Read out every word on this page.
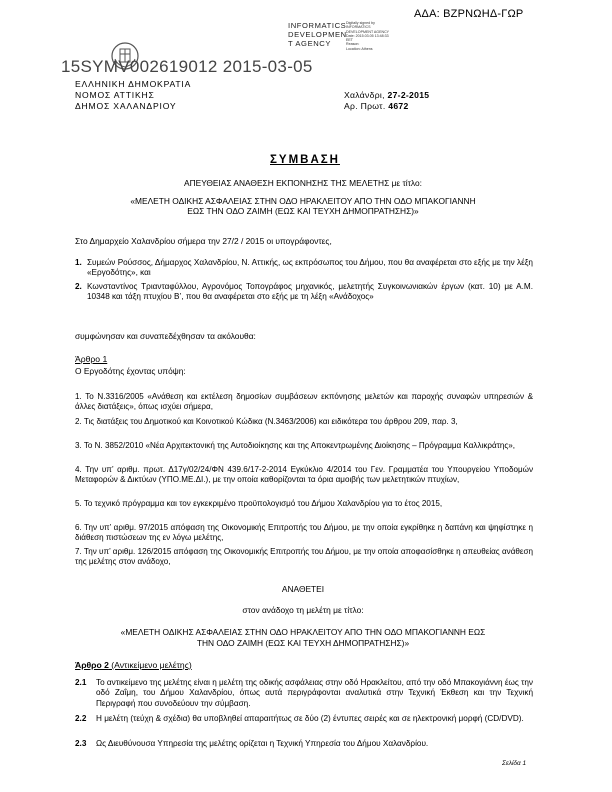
ΑΔΑ: ΒΖΡΝΩΗΔ-ΓΩΡ
INFORMATICS
DEVELOPMEN
T AGENCY
Digitally signed by
INFORMATICS
DEVELOPMENT AGENCY
Date: 2015.03.05 13:48:33
EET
Reason:
Location: Athens
15SYMV002619012 2015-03-05
ΕΛΛΗΝΙΚΗ ΔΗΜΟΚΡΑΤΙΑ
ΝΟΜΟΣ ΑΤΤΙΚΗΣ
ΔΗΜΟΣ ΧΑΛΑΝΔΡΙΟΥ
Χαλάνδρι, 27-2-2015
Αρ. Πρωτ. 4672
ΣΥΜΒΑΣΗ
ΑΠΕΥΘΕΙΑΣ ΑΝΑΘΕΣΗ ΕΚΠΟΝΗΣΗΣ ΤΗΣ ΜΕΛΕΤΗΣ με τίτλο:
«ΜΕΛΕΤΗ ΟΔΙΚΗΣ ΑΣΦΑΛΕΙΑΣ ΣΤΗΝ ΟΔΟ ΗΡΑΚΛΕΙΤΟΥ ΑΠΟ ΤΗΝ ΟΔΟ ΜΠΑΚΟΓΙΑΝΝΗ
ΕΩΣ ΤΗΝ ΟΔΟ ΖΑΙΜΗ (ΕΩΣ ΚΑΙ ΤΕΥΧΗ ΔΗΜΟΠΡΑΤΗΣΗΣ)»
Στο Δημαρχείο Χαλανδρίου σήμερα την 27/2 / 2015 οι υπογράφοντες,
1. Συμεών Ρούσσος, Δήμαρχος Χαλανδρίου, Ν. Αττικής, ως εκπρόσωπος του Δήμου, που θα αναφέρεται στο εξής με την λέξη «Εργοδότης», και
2. Κωνσταντίνος Τριανταφύλλου, Αγρονόμος Τοπογράφος μηχανικός, μελετητής Συγκοινωνιακών έργων (κατ. 10) με Α.Μ. 10348 και τάξη πτυχίου Β’, που θα αναφέρεται στο εξής με τη λέξη «Ανάδοχος»
συμφώνησαν και συναπεδέχθησαν τα ακόλουθα:
Άρθρο 1
Ο Εργοδότης έχοντας υπόψη:
1. Το Ν.3316/2005 «Ανάθεση και εκτέλεση δημοσίων συμβάσεων εκπόνησης μελετών και παροχής συναφών υπηρεσιών & άλλες διατάξεις», όπως ισχύει σήμερα,
2. Τις διατάξεις του Δημοτικού και Κοινοτικού Κώδικα (Ν.3463/2006) και ειδικότερα του άρθρου 209, παρ. 3,
3. Το Ν. 3852/2010 «Νέα Αρχιτεκτονική της Αυτοδιοίκησης και της Αποκεντρωμένης Διοίκησης – Πρόγραμμα Καλλικράτης»,
4. Την υπ’ αριθμ. πρωτ. Δ17γ/02/24/ΦΝ 439.6/17-2-2014 Εγκύκλιο 4/2014 του Γεν. Γραμματέα του Υπουργείου Υποδομών Μεταφορών & Δικτύων (ΥΠΟ.ΜΕ.ΔΙ.), με την οποία καθορίζονται τα όρια αμοιβής των μελετητικών πτυχίων,
5. Το τεχνικό πρόγραμμα και τον εγκεκριμένο προϋπολογισμό του Δήμου Χαλανδρίου για το έτος 2015,
6. Την υπ’ αριθμ. 97/2015 απόφαση της Οικονομικής Επιτροπής του Δήμου, με την οποία εγκρίθηκε η δαπάνη και ψηφίστηκε η διάθεση πιστώσεων της εν λόγω μελέτης,
7. Την υπ’ αριθμ. 126/2015 απόφαση της Οικονομικής Επιτροπής του Δήμου, με την οποία αποφασίσθηκε η απευθείας ανάθεση της μελέτης στον ανάδοχο,
ΑΝΑΘΕΤΕΙ
στον ανάδοχο τη μελέτη με τίτλο:
«ΜΕΛΕΤΗ ΟΔΙΚΗΣ ΑΣΦΑΛΕΙΑΣ ΣΤΗΝ ΟΔΟ ΗΡΑΚΛΕΙΤΟΥ ΑΠΟ ΤΗΝ ΟΔΟ ΜΠΑΚΟΓΙΑΝΝΗ ΕΩΣ
ΤΗΝ ΟΔΟ ΖΑΙΜΗ (ΕΩΣ ΚΑΙ ΤΕΥΧΗ ΔΗΜΟΠΡΑΤΗΣΗΣ)»
Άρθρο 2 (Αντικείμενο μελέτης)
2.1 Το αντικείμενο της μελέτης είναι η μελέτη της οδικής ασφάλειας στην οδό Ηρακλείτου, από την οδό Μπακογιάννη έως την οδό Ζαΐμη, του Δήμου Χαλανδρίου, όπως αυτά περιγράφονται αναλυτικά στην Τεχνική Έκθεση και την Τεχνική Περιγραφή που συνοδεύουν την σύμβαση.
2.2 Η μελέτη (τεύχη & σχέδια) θα υποβληθεί απαραιτήτως σε δύο (2) έντυπες σειρές και σε ηλεκτρονική μορφή (CD/DVD).
2.3 Ως Διευθύνουσα Υπηρεσία της μελέτης ορίζεται η Τεχνική Υπηρεσία του Δήμου Χαλανδρίου.
Σελίδα 1
